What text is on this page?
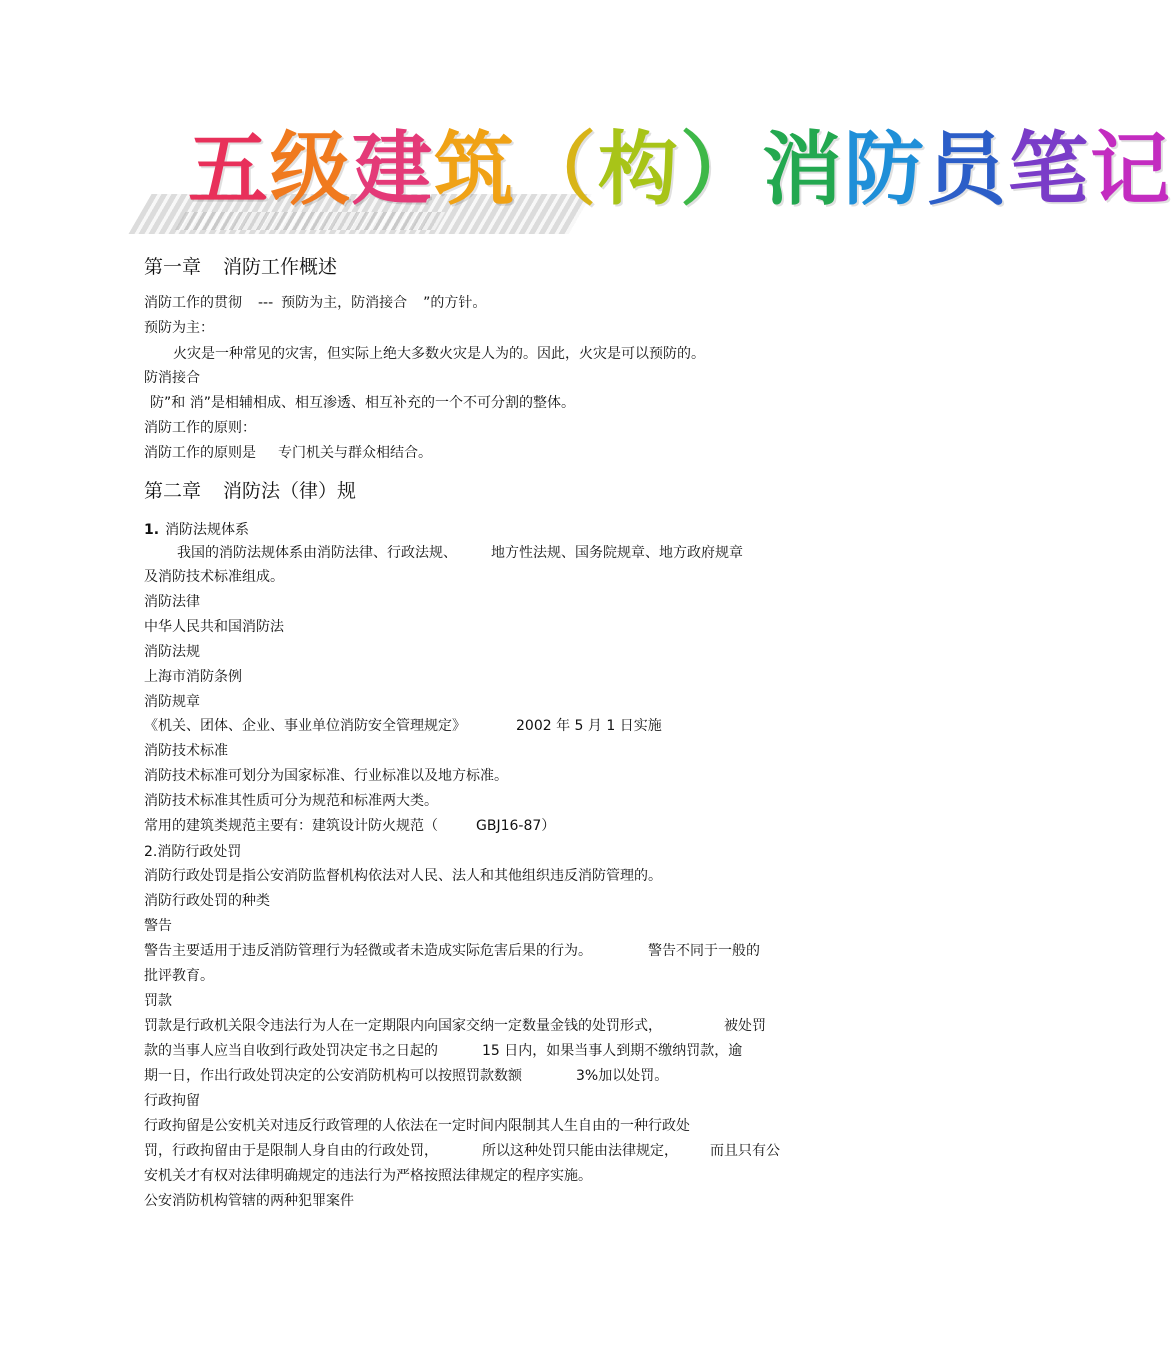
五级建筑（构）消防员笔记

第一章 消防工作概述

消防工作的贯彻 --- 预防为主，防消接合 ”的方针。

预防为主：

火灾是一种常见的灾害，但实际上绝大多数火灾是人为的。因此，火灾是可以预防的。

防消接合

防”和 消”是相辅相成、相互渗透、相互补充的一个不可分割的整体。

消防工作的原则：

消防工作的原则是 专门机关与群众相结合。

第二章 消防法（律）规

1. 消防法规体系

我国的消防法规体系由消防法律、行政法规、 地方性法规、国务院规章、地方政府规章

及消防技术标准组成。

消防法律

中华人民共和国消防法

消防法规

上海市消防条例

消防规章

《机关、团体、企业、事业单位消防安全管理规定》	2002 年 5 月 1 日实施

消防技术标准

消防技术标准可划分为国家标准、行业标准以及地方标准。

消防技术标准其性质可分为规范和标准两大类。

常用的建筑类规范主要有：建筑设计防火规范（	GBJ16-87）

2.消防行政处罚

消防行政处罚是指公安消防监督机构依法对人民、法人和其他组织违反消防管理的。

消防行政处罚的种类

警告

警告主要适用于违反消防管理行为轻微或者未造成实际危害后果的行为。	警告不同于一般的

批评教育。

罚款

罚款是行政机关限令违法行为人在一定期限内向国家交纳一定数量金钱的处罚形式，	被处罚

款的当事人应当自收到行政处罚决定书之日起的	15 日内，如果当事人到期不缴纳罚款，逾

期一日，作出行政处罚决定的公安消防机构可以按照罚款数额	3%加以处罚。

行政拘留

行政拘留是公安机关对违反行政管理的人依法在一定时间内限制其人生自由的一种行政处

罚，行政拘留由于是限制人身自由的行政处罚，	所以这种处罚只能由法律规定， 而且只有公

安机关才有权对法律明确规定的违法行为严格按照法律规定的程序实施。

公安消防机构管辖的两种犯罪案件
